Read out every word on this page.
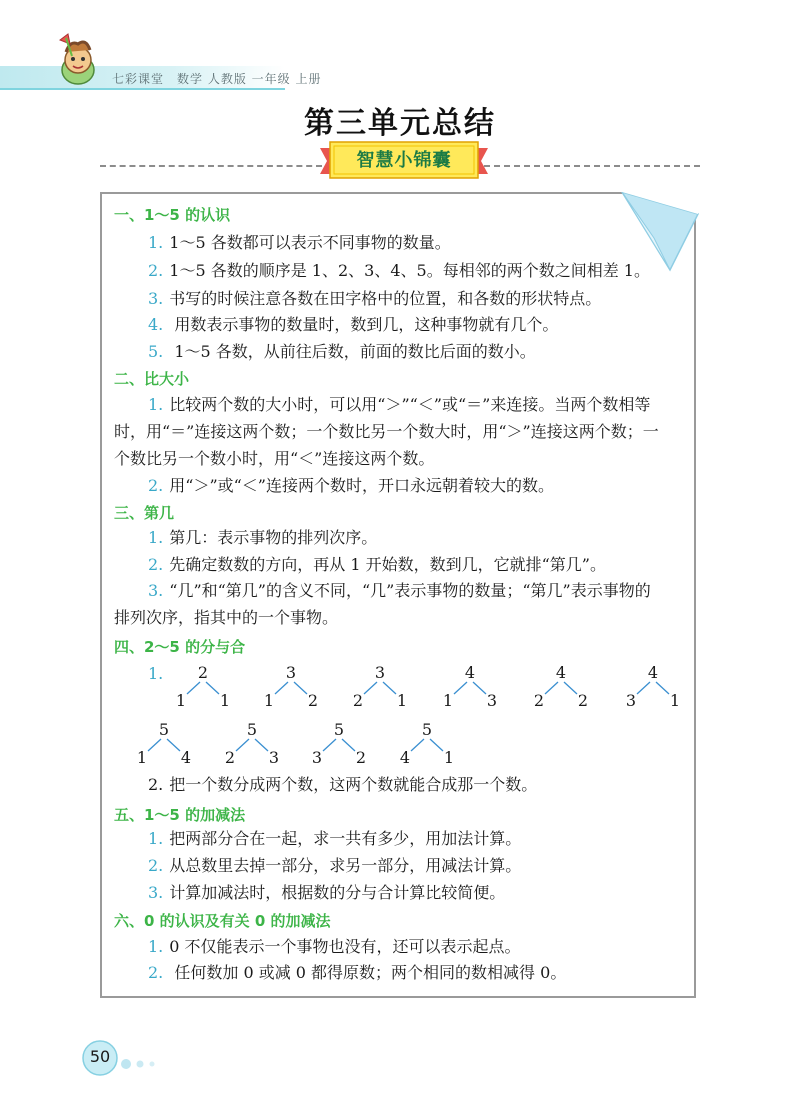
七彩课堂　数学 人教版 一年级 上册
第三单元总结
智慧小锦囊
一、1～5 的认识
1. 1～5 各数都可以表示不同事物的数量。
2. 1～5 各数的顺序是 1、2、3、4、5。每相邻的两个数之间相差 1。
3. 书写的时候注意各数在田字格中的位置，和各数的形状特点。
4. 用数表示事物的数量时，数到几，这种事物就有几个。
5. 1～5 各数，从前往后数，前面的数比后面的数小。
二、比大小
1. 比较两个数的大小时，可以用“＞”“＜”或“＝”来连接。当两个数相等
时，用“＝”连接这两个数；一个数比另一个数大时，用“＞”连接这两个数；一
个数比另一个数小时，用“＜”连接这两个数。
2. 用“＞”或“＜”连接两个数时，开口永远朝着较大的数。
三、第几
1. 第几：表示事物的排列次序。
2. 先确定数数的方向，再从 1 开始数，数到几，它就排“第几”。
3. “几”和“第几”的含义不同，“几”表示事物的数量；“第几”表示事物的
排列次序，指其中的一个事物。
四、2～5 的分与合
1.	2
1	1
3
1	2
3
2	1
4
1	3
4
2	2
4
3	1
5
1	4
5
2	3
5
3	2
5
4	1
2. 把一个数分成两个数，这两个数就能合成那一个数。
五、1～5 的加减法
1. 把两部分合在一起，求一共有多少，用加法计算。
2. 从总数里去掉一部分，求另一部分，用减法计算。
3. 计算加减法时，根据数的分与合计算比较简便。
六、0 的认识及有关 0 的加减法
1. 0 不仅能表示一个事物也没有，还可以表示起点。
2. 任何数加 0 或减 0 都得原数；两个相同的数相减得 0。
50
